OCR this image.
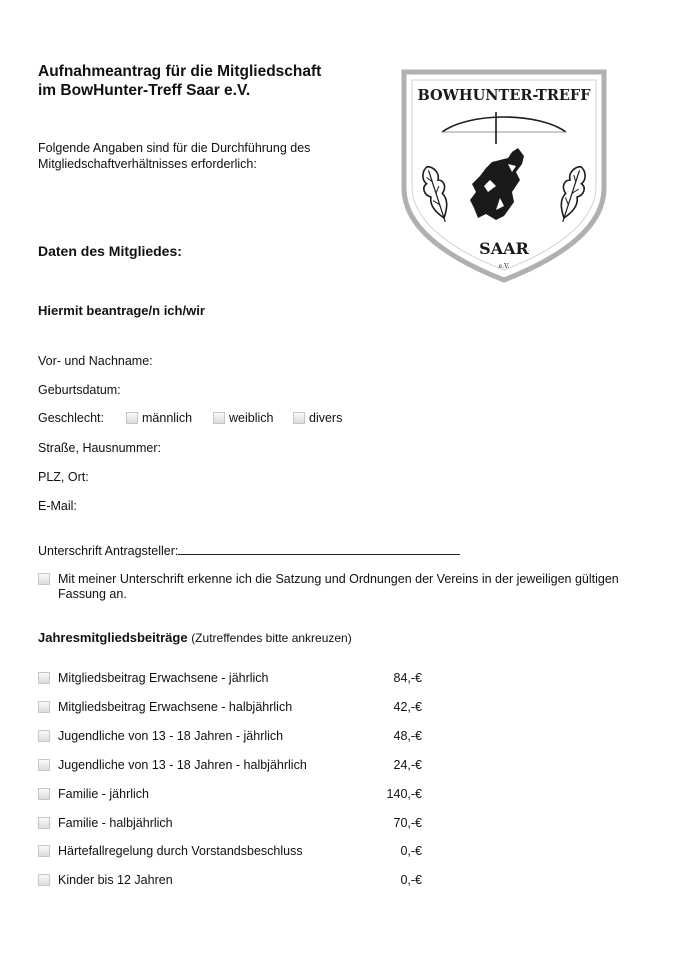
Aufnahmeantrag für die Mitgliedschaft
im BowHunter-Treff Saar e.V.
Folgende Angaben sind für die Durchführung des
Mitgliedschaftverhältnisses erforderlich:
BOWHUNTER-TREFF
SAAR
e.V.
Daten des Mitgliedes:
Hiermit beantrage/n ich/wir
Vor- und Nachname:
Geburtsdatum:
Geschlecht:	männlich	weiblich	divers
Straße, Hausnummer:
PLZ, Ort:
E-Mail:
Unterschrift Antragsteller:
Mit meiner Unterschrift erkenne ich die Satzung und Ordnungen der Vereins in der jeweiligen gültigen
Fassung an.
Jahresmitgliedsbeiträge (Zutreffendes bitte ankreuzen)
Mitgliedsbeitrag Erwachsene - jährlich	84,-€
Mitgliedsbeitrag Erwachsene - halbjährlich	42,-€
Jugendliche von 13 - 18 Jahren - jährlich	48,-€
Jugendliche von 13 - 18 Jahren - halbjährlich	24,-€
Familie - jährlich	140,-€
Familie - halbjährlich	70,-€
Härtefallregelung durch Vorstandsbeschluss	0,-€
Kinder bis 12 Jahren	0,-€
